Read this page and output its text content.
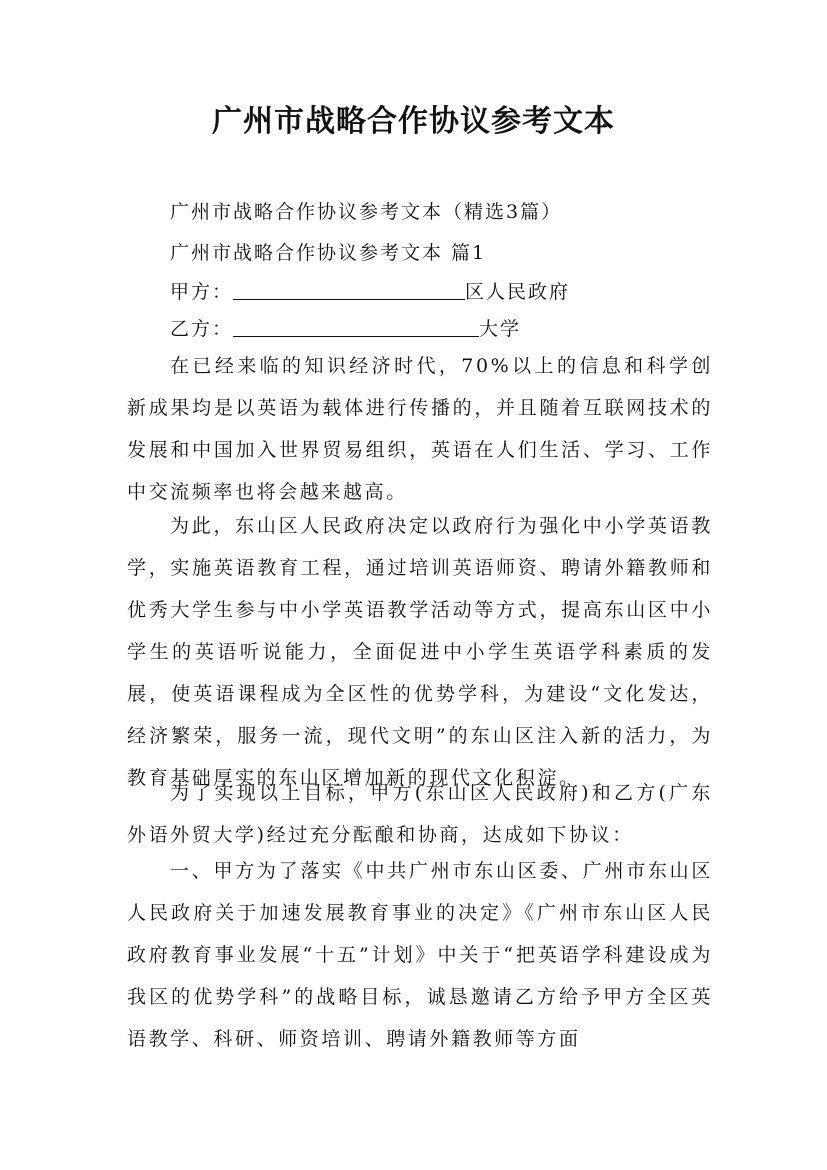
广州市战略合作协议参考文本
广州市战略合作协议参考文本（精选3篇）
广州市战略合作协议参考文本 篇1
甲方：	区人民政府
乙方：	大学
在已经来临的知识经济时代，70%以上的信息和科学创新成果均是以英语为载体进行传播的，并且随着互联网技术的发展和中国加入世界贸易组织，英语在人们生活、学习、工作中交流频率也将会越来越高。
为此，东山区人民政府决定以政府行为强化中小学英语教学，实施英语教育工程，通过培训英语师资、聘请外籍教师和优秀大学生参与中小学英语教学活动等方式，提高东山区中小学生的英语听说能力，全面促进中小学生英语学科素质的发展，使英语课程成为全区性的优势学科，为建设“文化发达，经济繁荣，服务一流，现代文明”的东山区注入新的活力，为教育基础厚实的东山区增加新的现代文化积淀。
为了实现以上目标，甲方(东山区人民政府)和乙方(广东外语外贸大学)经过充分酝酿和协商，达成如下协议：
一、甲方为了落实《中共广州市东山区委、广州市东山区人民政府关于加速发展教育事业的决定》《广州市东山区人民政府教育事业发展“十五”计划》中关于“把英语学科建设成为我区的优势学科”的战略目标，诚恳邀请乙方给予甲方全区英语教学、科研、师资培训、聘请外籍教师等方面
